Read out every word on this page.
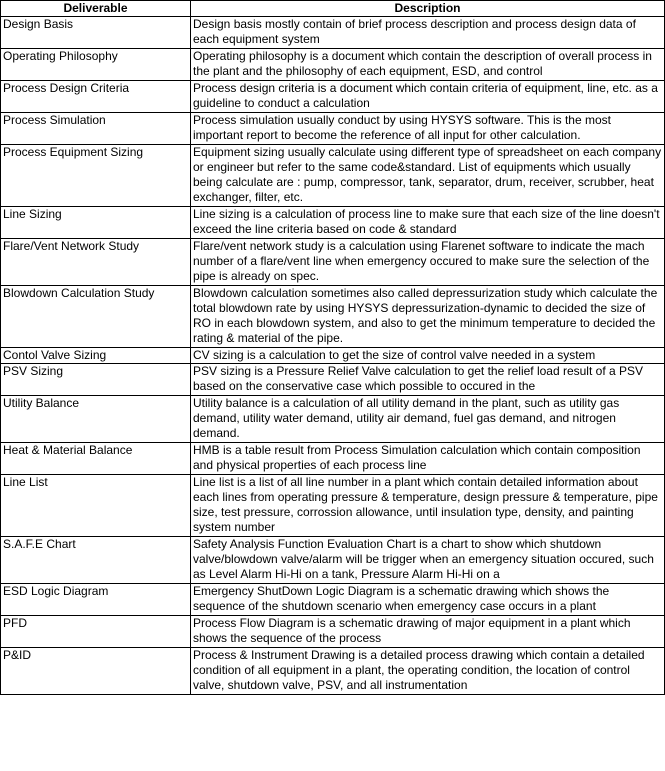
Deliverable	Description
Design Basis	Design basis mostly contain of brief process description and process design data of each equipment system

Operating Philosophy	Operating philosophy is a document which contain the description of overall process in the plant and the philosophy of each equipment, ESD, and control

Process Design Criteria	Process design criteria is a document which contain criteria of equipment, line, etc. as a guideline to conduct a calculation

Process Simulation	Process simulation usually conduct by using HYSYS software. This is the most important report to become the reference of all input for other calculation.

Process Equipment Sizing	Equipment sizing usually calculate using different type of spreadsheet on each company or engineer but refer to the same code&standard. List of equipments which usually being calculate are : pump, compressor, tank, separator, drum, receiver, scrubber, heat exchanger, filter, etc.

Line Sizing	Line sizing is a calculation of process line to make sure that each size of the line doesn't exceed the line criteria based on code & standard

Flare/Vent Network Study	Flare/vent network study is a calculation using Flarenet software to indicate the mach number of a flare/vent line when emergency occured to make sure the selection of the pipe is already on spec.

Blowdown Calculation Study	Blowdown calculation sometimes also called depressurization study which calculate the total blowdown rate by using HYSYS depressurization-dynamic to decided the size of RO in each blowdown system, and also to get the minimum temperature to decided the rating & material of the pipe.

Contol Valve Sizing	CV sizing is a calculation to get the size of control valve needed in a system

PSV Sizing	PSV sizing is a Pressure Relief Valve calculation to get the relief load result of a PSV based on the conservative case which possible to occured in the

Utility Balance	Utility balance is a calculation of all utility demand in the plant, such as utility gas demand, utility water demand, utility air demand, fuel gas demand, and nitrogen demand.

Heat & Material Balance	HMB is a table result from Process Simulation calculation which contain composition and physical properties of each process line

Line List	Line list is a list of all line number in a plant which contain detailed information about each lines from operating pressure & temperature, design pressure & temperature, pipe size, test pressure, corrossion allowance, until insulation type, density, and painting system number

S.A.F.E Chart	Safety Analysis Function Evaluation Chart is a chart to show which shutdown valve/blowdown valve/alarm will be trigger when an emergency situation occured, such as Level Alarm Hi-Hi on a tank, Pressure Alarm Hi-Hi on a

ESD Logic Diagram	Emergency ShutDown Logic Diagram is a schematic drawing which shows the sequence of the shutdown scenario when emergency case occurs in a plant

PFD	Process Flow Diagram is a schematic drawing of major equipment in a plant which shows the sequence of the process

P&ID	Process & Instrument Drawing is a detailed process drawing which contain a detailed condition of all equipment in a plant, the operating condition, the location of control valve, shutdown valve, PSV, and all instrumentation
